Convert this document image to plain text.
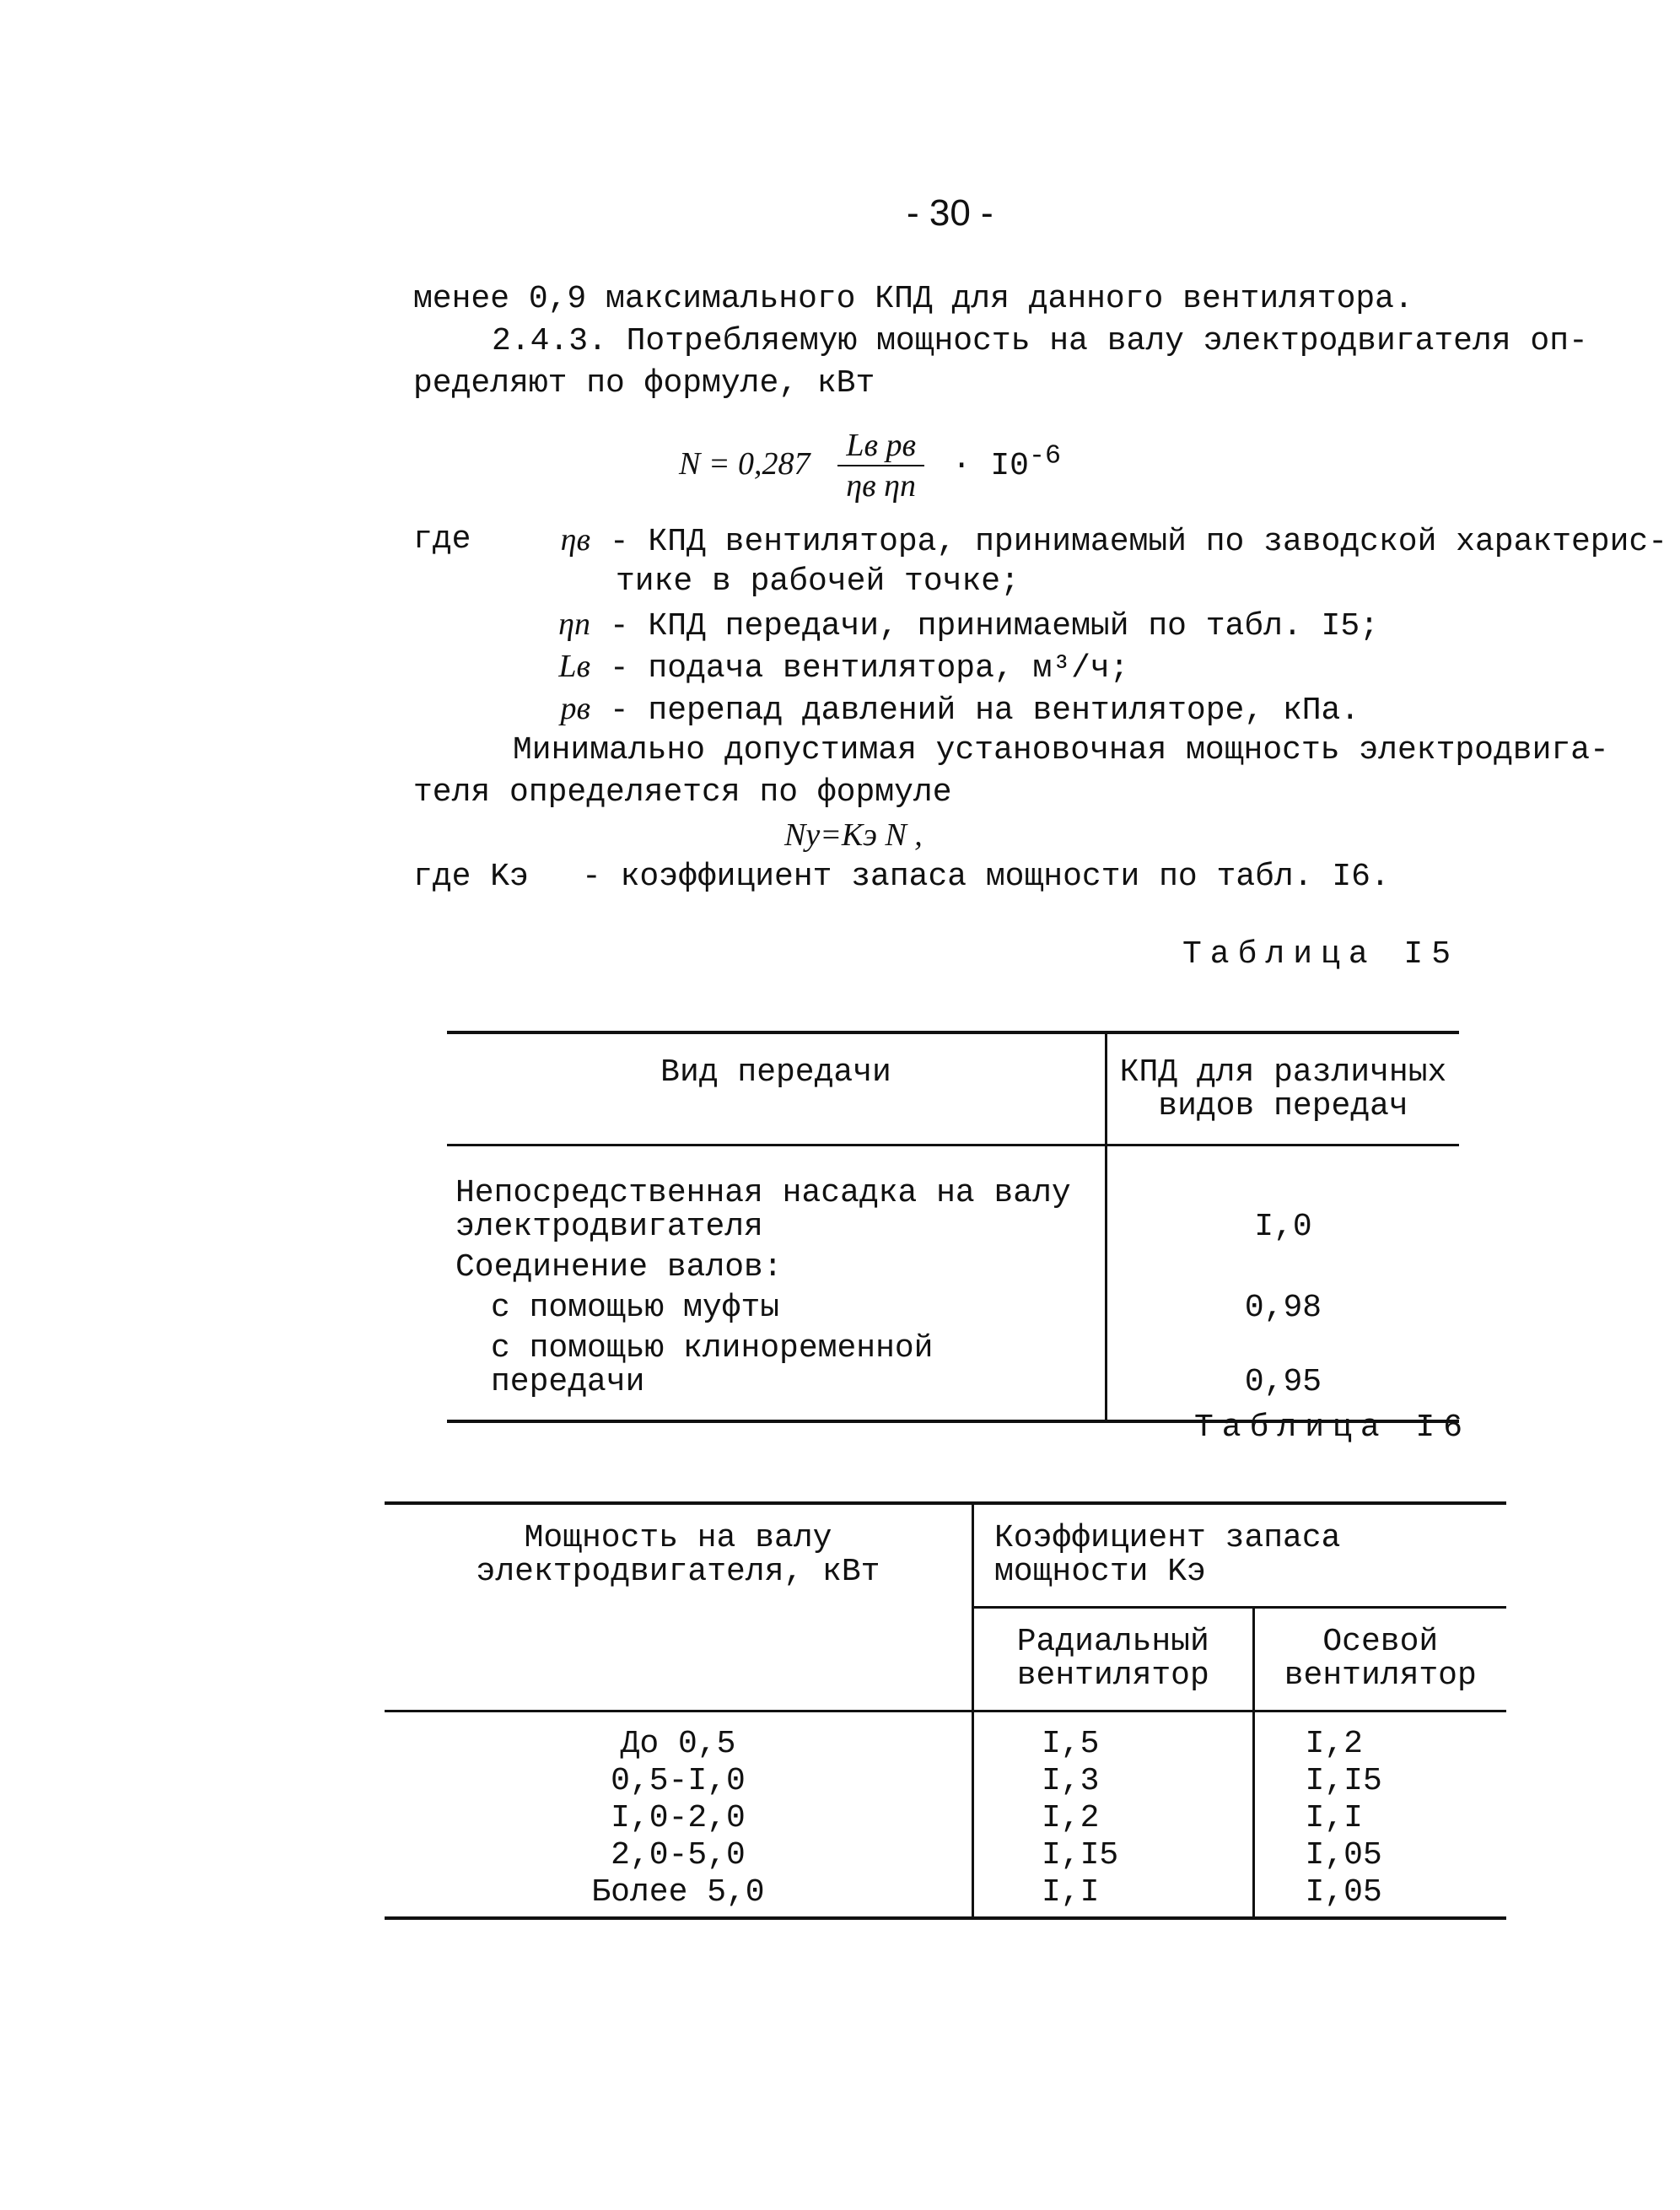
- 30 -
менее 0,9 максимального КПД для данного вентилятора.
2.4.3. Потребляемую мощность на валу электродвигателя оп-
ределяют по формуле, кВт
$N = 0,287 \frac{\text{Lв pв}}{\text{ηв ηп}} \cdot I0^{-6}$
где	ηв - КПД вентилятора, принимаемый по заводской характерис-
тике в рабочей точке;
ηп - КПД передачи, принимаемый по табл. I5;
Lв - подача вентилятора, м³/ч;
pв - перепад давлений на вентиляторе, кПа.
Минимально допустимая установочная мощность электродвига-
теля определяется по формуле
Nу=Kэ N ,
где Kэ - коэффициент запаса мощности по табл. I6.
Таблица I5
Вид передачи	КПД для различных видов передач
Непосредственная насадка на валу электродвигателя	I,0
Соединение валов:	
с помощью муфты	0,98
с помощью клиноременной передачи	0,95
Таблица I6
Мощность на валу электродвигателя, кВт	Коэффициент запаса мощности Kэ	
	Радиальный вентилятор	Осевой вентилятор
До 0,5	I,5	I,2
0,5-I,0	I,3	I,I5
I,0-2,0	I,2	I,I
2,0-5,0	I,I5	I,05
Более 5,0	I,I	I,05
